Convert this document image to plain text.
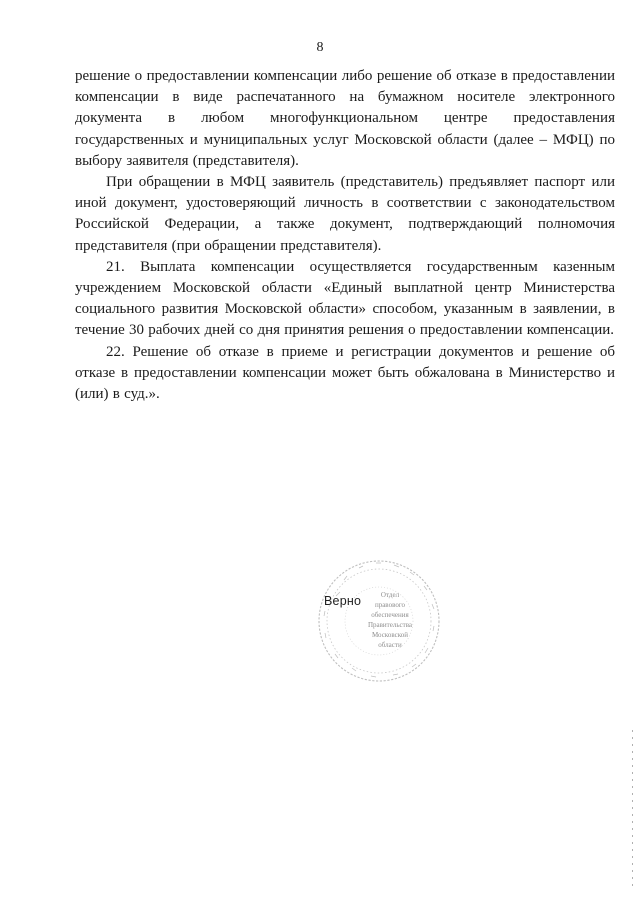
8

решение о предоставлении компенсации либо решение об отказе в предоставлении компенсации в виде распечатанного на бумажном носителе электронного документа в любом многофункциональном центре предоставления государственных и муниципальных услуг Московской области (далее – МФЦ) по выбору заявителя (представителя).

При обращении в МФЦ заявитель (представитель) предъявляет паспорт или иной документ, удостоверяющий личность в соответствии с законодательством Российской Федерации, а также документ, подтверждающий полномочия представителя (при обращении представителя).

21. Выплата компенсации осуществляется государственным казенным учреждением Московской области «Единый выплатной центр Министерства социального развития Московской области» способом, указанным в заявлении, в течение 30 рабочих дней со дня принятия решения о предоставлении компенсации.

22. Решение об отказе в приеме и регистрации документов и решение об отказе в предоставлении компенсации может быть обжалована в Министерство и (или) в суд.».

Верно	Отдел
правового
обеспечения
Правительства
Московской
области
